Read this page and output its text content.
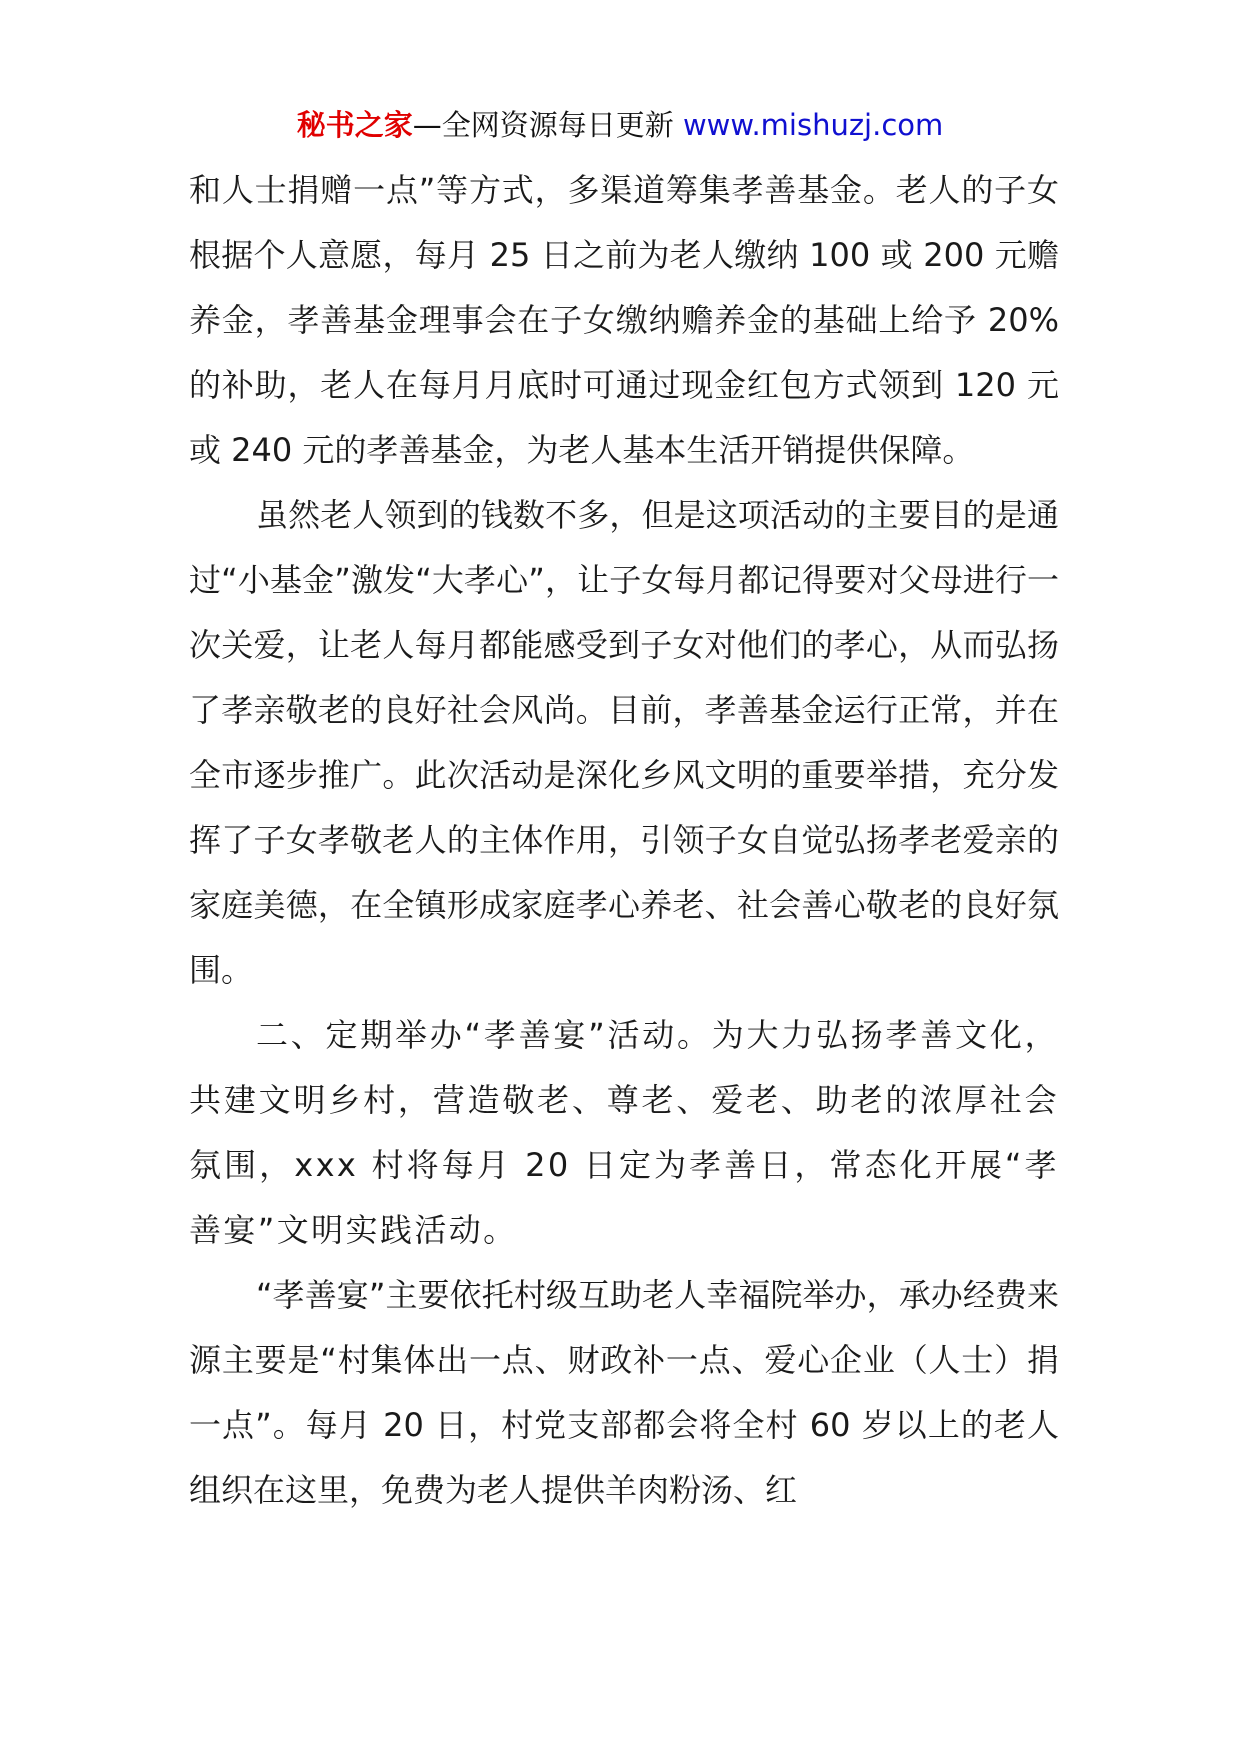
秘书之家—全网资源每日更新 www.mishuzj.com

和人士捐赠一点”等方式，多渠道筹集孝善基金。老人的子女根据个人意愿，每月 25 日之前为老人缴纳 100 或 200 元赡养金，孝善基金理事会在子女缴纳赡养金的基础上给予 20%的补助，老人在每月月底时可通过现金红包方式领到 120 元或 240 元的孝善基金，为老人基本生活开销提供保障。

虽然老人领到的钱数不多，但是这项活动的主要目的是通过“小基金”激发“大孝心”，让子女每月都记得要对父母进行一次关爱，让老人每月都能感受到子女对他们的孝心，从而弘扬了孝亲敬老的良好社会风尚。目前，孝善基金运行正常，并在全市逐步推广。此次活动是深化乡风文明的重要举措，充分发挥了子女孝敬老人的主体作用，引领子女自觉弘扬孝老爱亲的家庭美德，在全镇形成家庭孝心养老、社会善心敬老的良好氛围。

二、定期举办“孝善宴”活动。为大力弘扬孝善文化，共建文明乡村，营造敬老、尊老、爱老、助老的浓厚社会氛围，xxx 村将每月 20 日定为孝善日，常态化开展“孝善宴”文明实践活动。

“孝善宴”主要依托村级互助老人幸福院举办，承办经费来源主要是“村集体出一点、财政补一点、爱心企业（人士）捐一点”。每月 20 日，村党支部都会将全村 60 岁以上的老人组织在这里，免费为老人提供羊肉粉汤、红
